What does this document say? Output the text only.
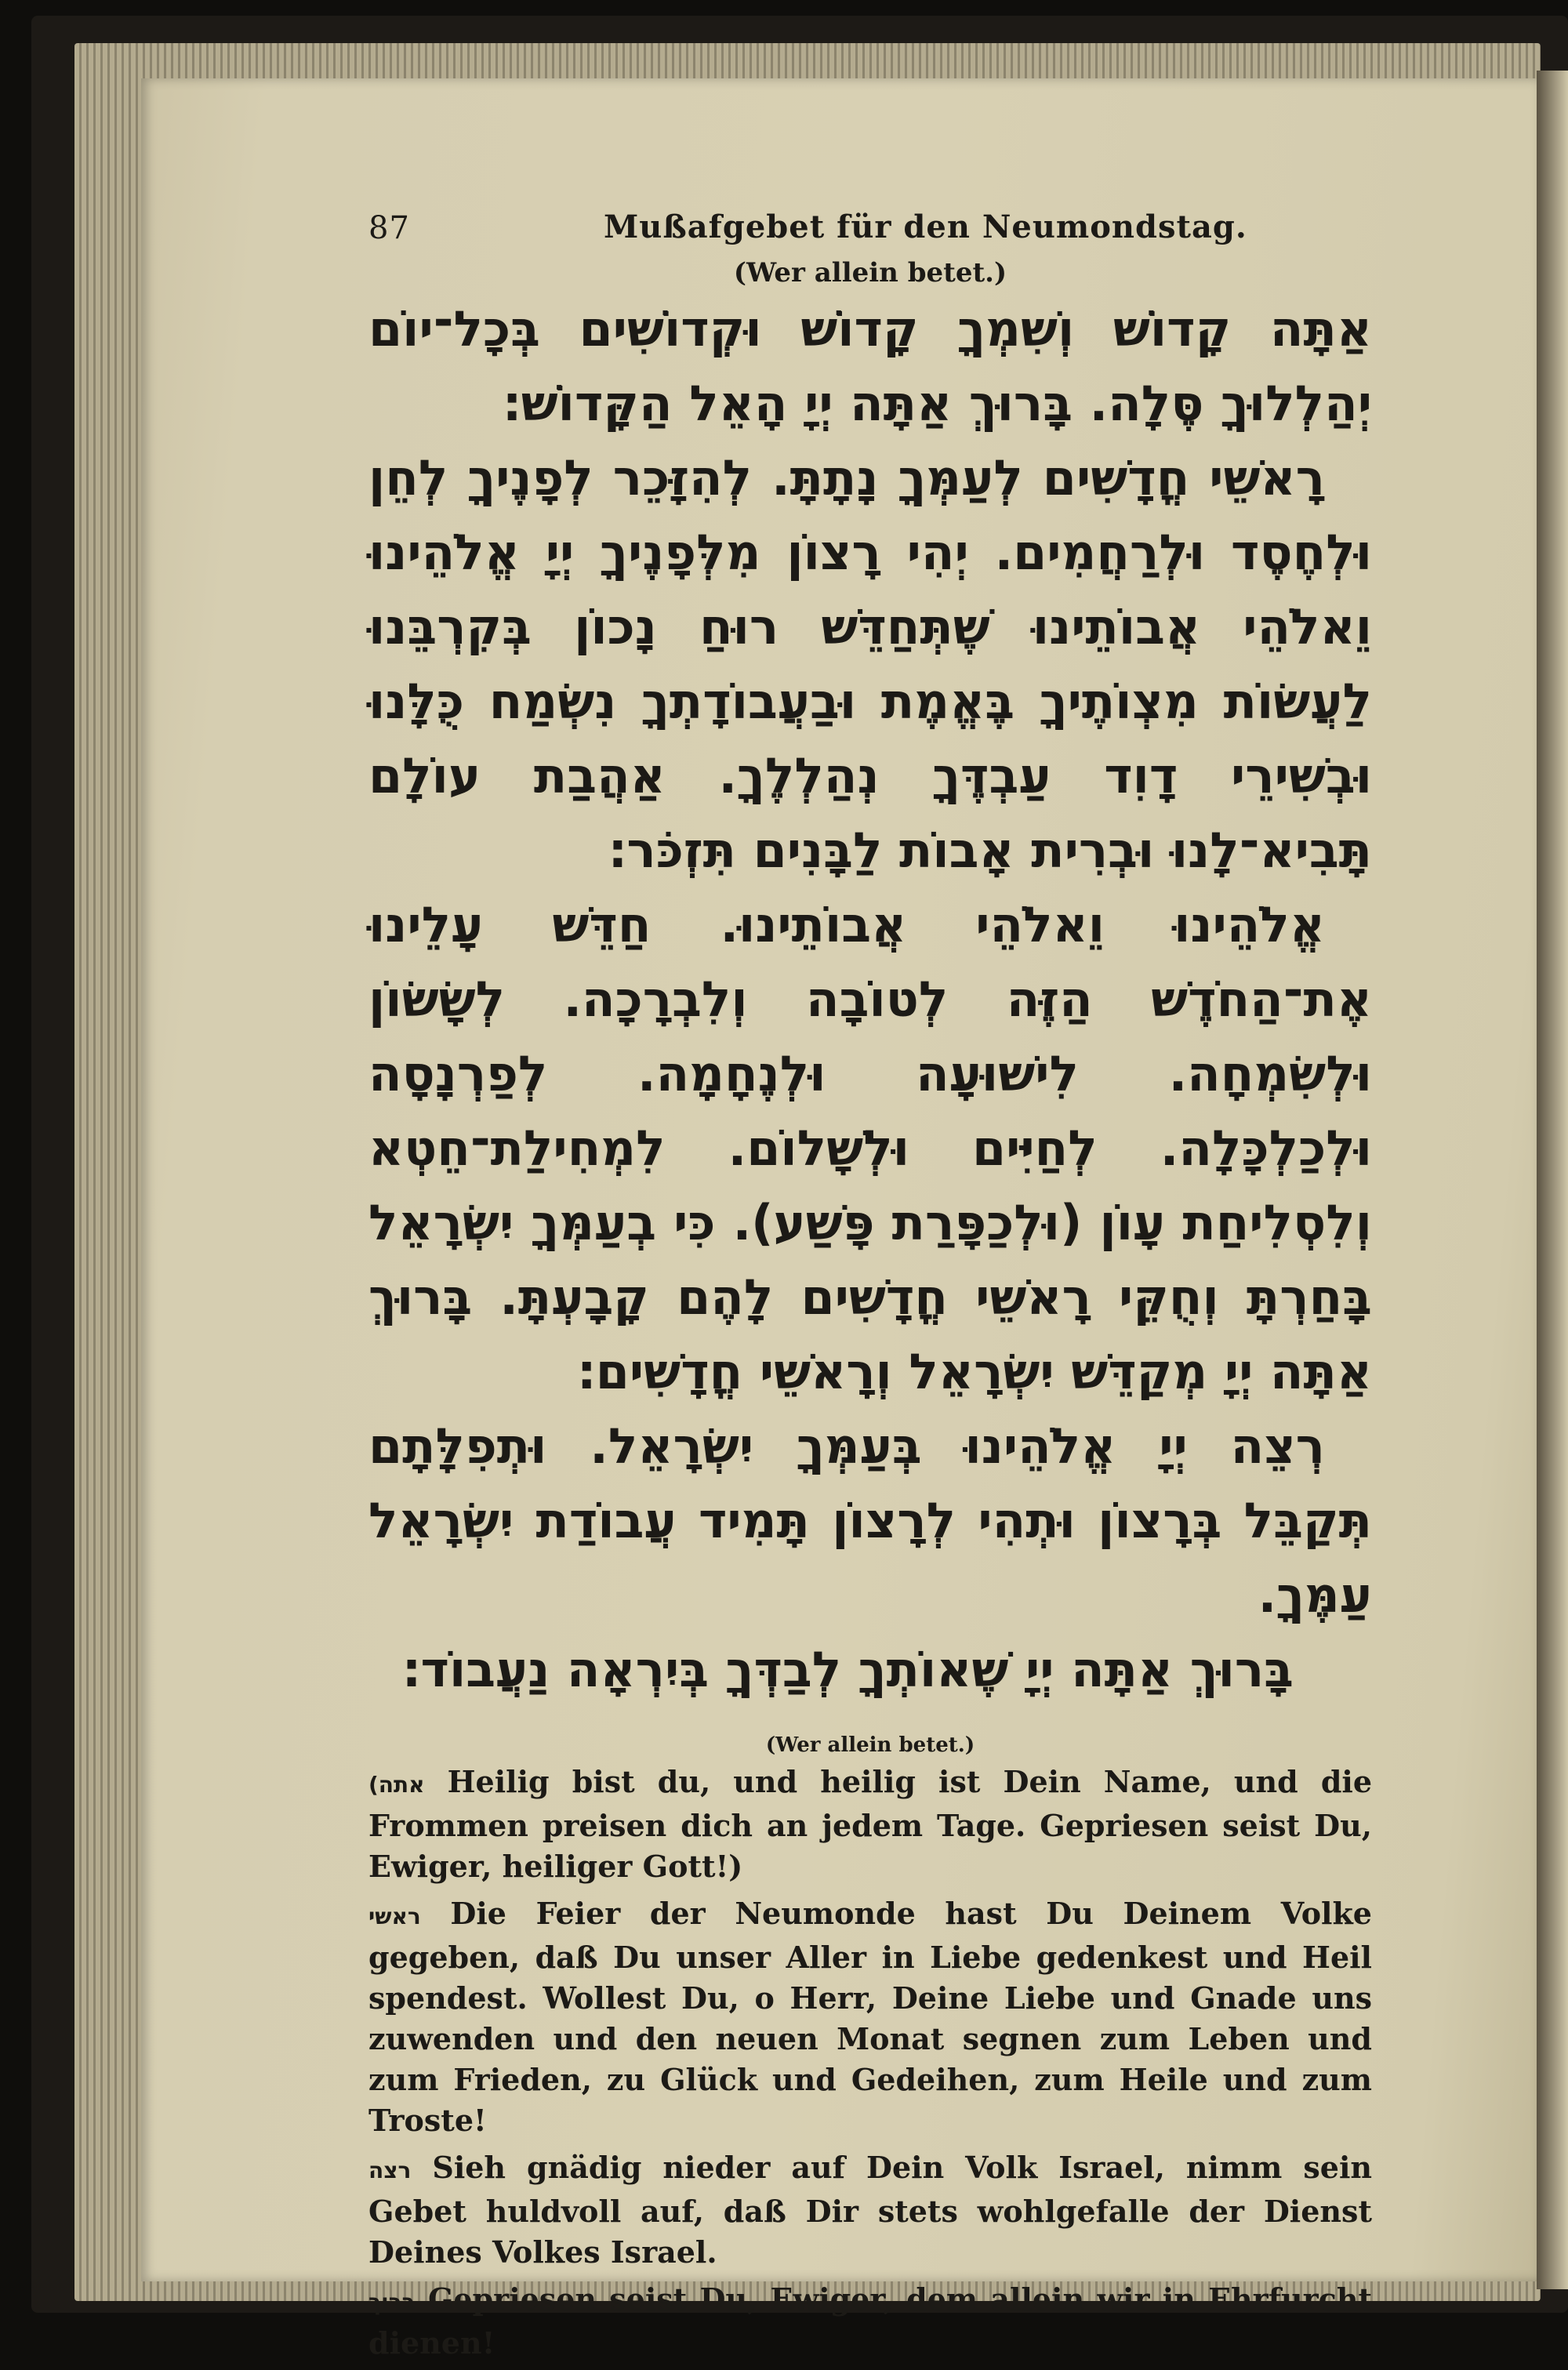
87	Mußafgebet für den Neumondstag.
(Wer allein betet.)

אַתָּה קָדוֹשׁ וְשִׁמְךָ קָדוֹשׁ וּקְדוֹשִׁים בְּכָל־יוֹם יְהַלְלוּךָ סֶּלָה. בָּרוּךְ אַתָּה יְיָ הָאֵל הַקָּדוֹשׁ׃

רָאשֵׁי חֳדָשִׁים לְעַמְּךָ נָתָתָּ. לְהִזָּכֵר לְפָנֶיךָ לְחֵן וּלְחֶסֶד וּלְרַחֲמִים. יְהִי רָצוֹן מִלְּפָנֶיךָ יְיָ אֱלֹהֵינוּ וֵאלֹהֵי אֲבוֹתֵינוּ שֶׁתְּחַדֵּשׁ רוּחַ נָכוֹן בְּקִרְבֵּנוּ לַעֲשׂוֹת מִצְוֹתֶיךָ בֶּאֱמֶת וּבַעֲבוֹדָתְךָ נִשְׂמַח כֻּלָּנוּ וּבְשִׁירֵי דָוִד עַבְדֶּךָ נְהַלְלֶךָ. אַהֲבַת עוֹלָם תָּבִיא־לָנוּ וּבְרִית אָבוֹת לַבָּנִים תִּזְכֹּר׃

אֱלֹהֵינוּ וֵאלֹהֵי אֲבוֹתֵינוּ. חַדֵּשׁ עָלֵינוּ אֶת־הַחֹדֶשׁ הַזֶּה לְטוֹבָה וְלִבְרָכָה. לְשָׂשׂוֹן וּלְשִׂמְחָה. לִישׁוּעָה וּלְנֶחָמָה. לְפַרְנָסָה וּלְכַלְכָּלָה. לְחַיִּים וּלְשָׁלוֹם. לִמְחִילַת־חֵטְא וְלִסְלִיחַת עָוֹן (וּלְכַפָּרַת פָּשַׁע). כִּי בְעַמְּךָ יִשְׂרָאֵל בָּחַרְתָּ וְחֻקֵּי רָאשֵׁי חֳדָשִׁים לָהֶם קָבָעְתָּ. בָּרוּךְ אַתָּה יְיָ מְקַדֵּשׁ יִשְׂרָאֵל וְרָאשֵׁי חֳדָשִׁים׃

רְצֵה יְיָ אֱלֹהֵינוּ בְּעַמְּךָ יִשְׂרָאֵל. וּתְפִלָּתָם תְּקַבֵּל בְּרָצוֹן וּתְהִי לְרָצוֹן תָּמִיד עֲבוֹדַת יִשְׂרָאֵל עַמֶּךָ.

בָּרוּךְ אַתָּה יְיָ שֶׁאוֹתְךָ לְבַדְּךָ בְּיִרְאָה נַעֲבוֹד׃

(Wer allein betet.)

(אתה Heilig bist du, und heilig ist Dein Name, und die Frommen preisen dich an jedem Tage. Gepriesen seist Du, Ewiger, heiliger Gott!)

ראשי Die Feier der Neumonde hast Du Deinem Volke gegeben, daß Du unser Aller in Liebe gedenkest und Heil spendest. Wollest Du, o Herr, Deine Liebe und Gnade uns zuwenden und den neuen Monat segnen zum Leben und zum Frieden, zu Glück und Gedeihen, zum Heile und zum Troste!

רצה Sieh gnädig nieder auf Dein Volk Israel, nimm sein Gebet huldvoll auf, daß Dir stets wohlgefalle der Dienst Deines Volkes Israel.

ברוך Gepriesen seist Du, Ewiger, dem allein wir in Ehrfurcht dienen!
